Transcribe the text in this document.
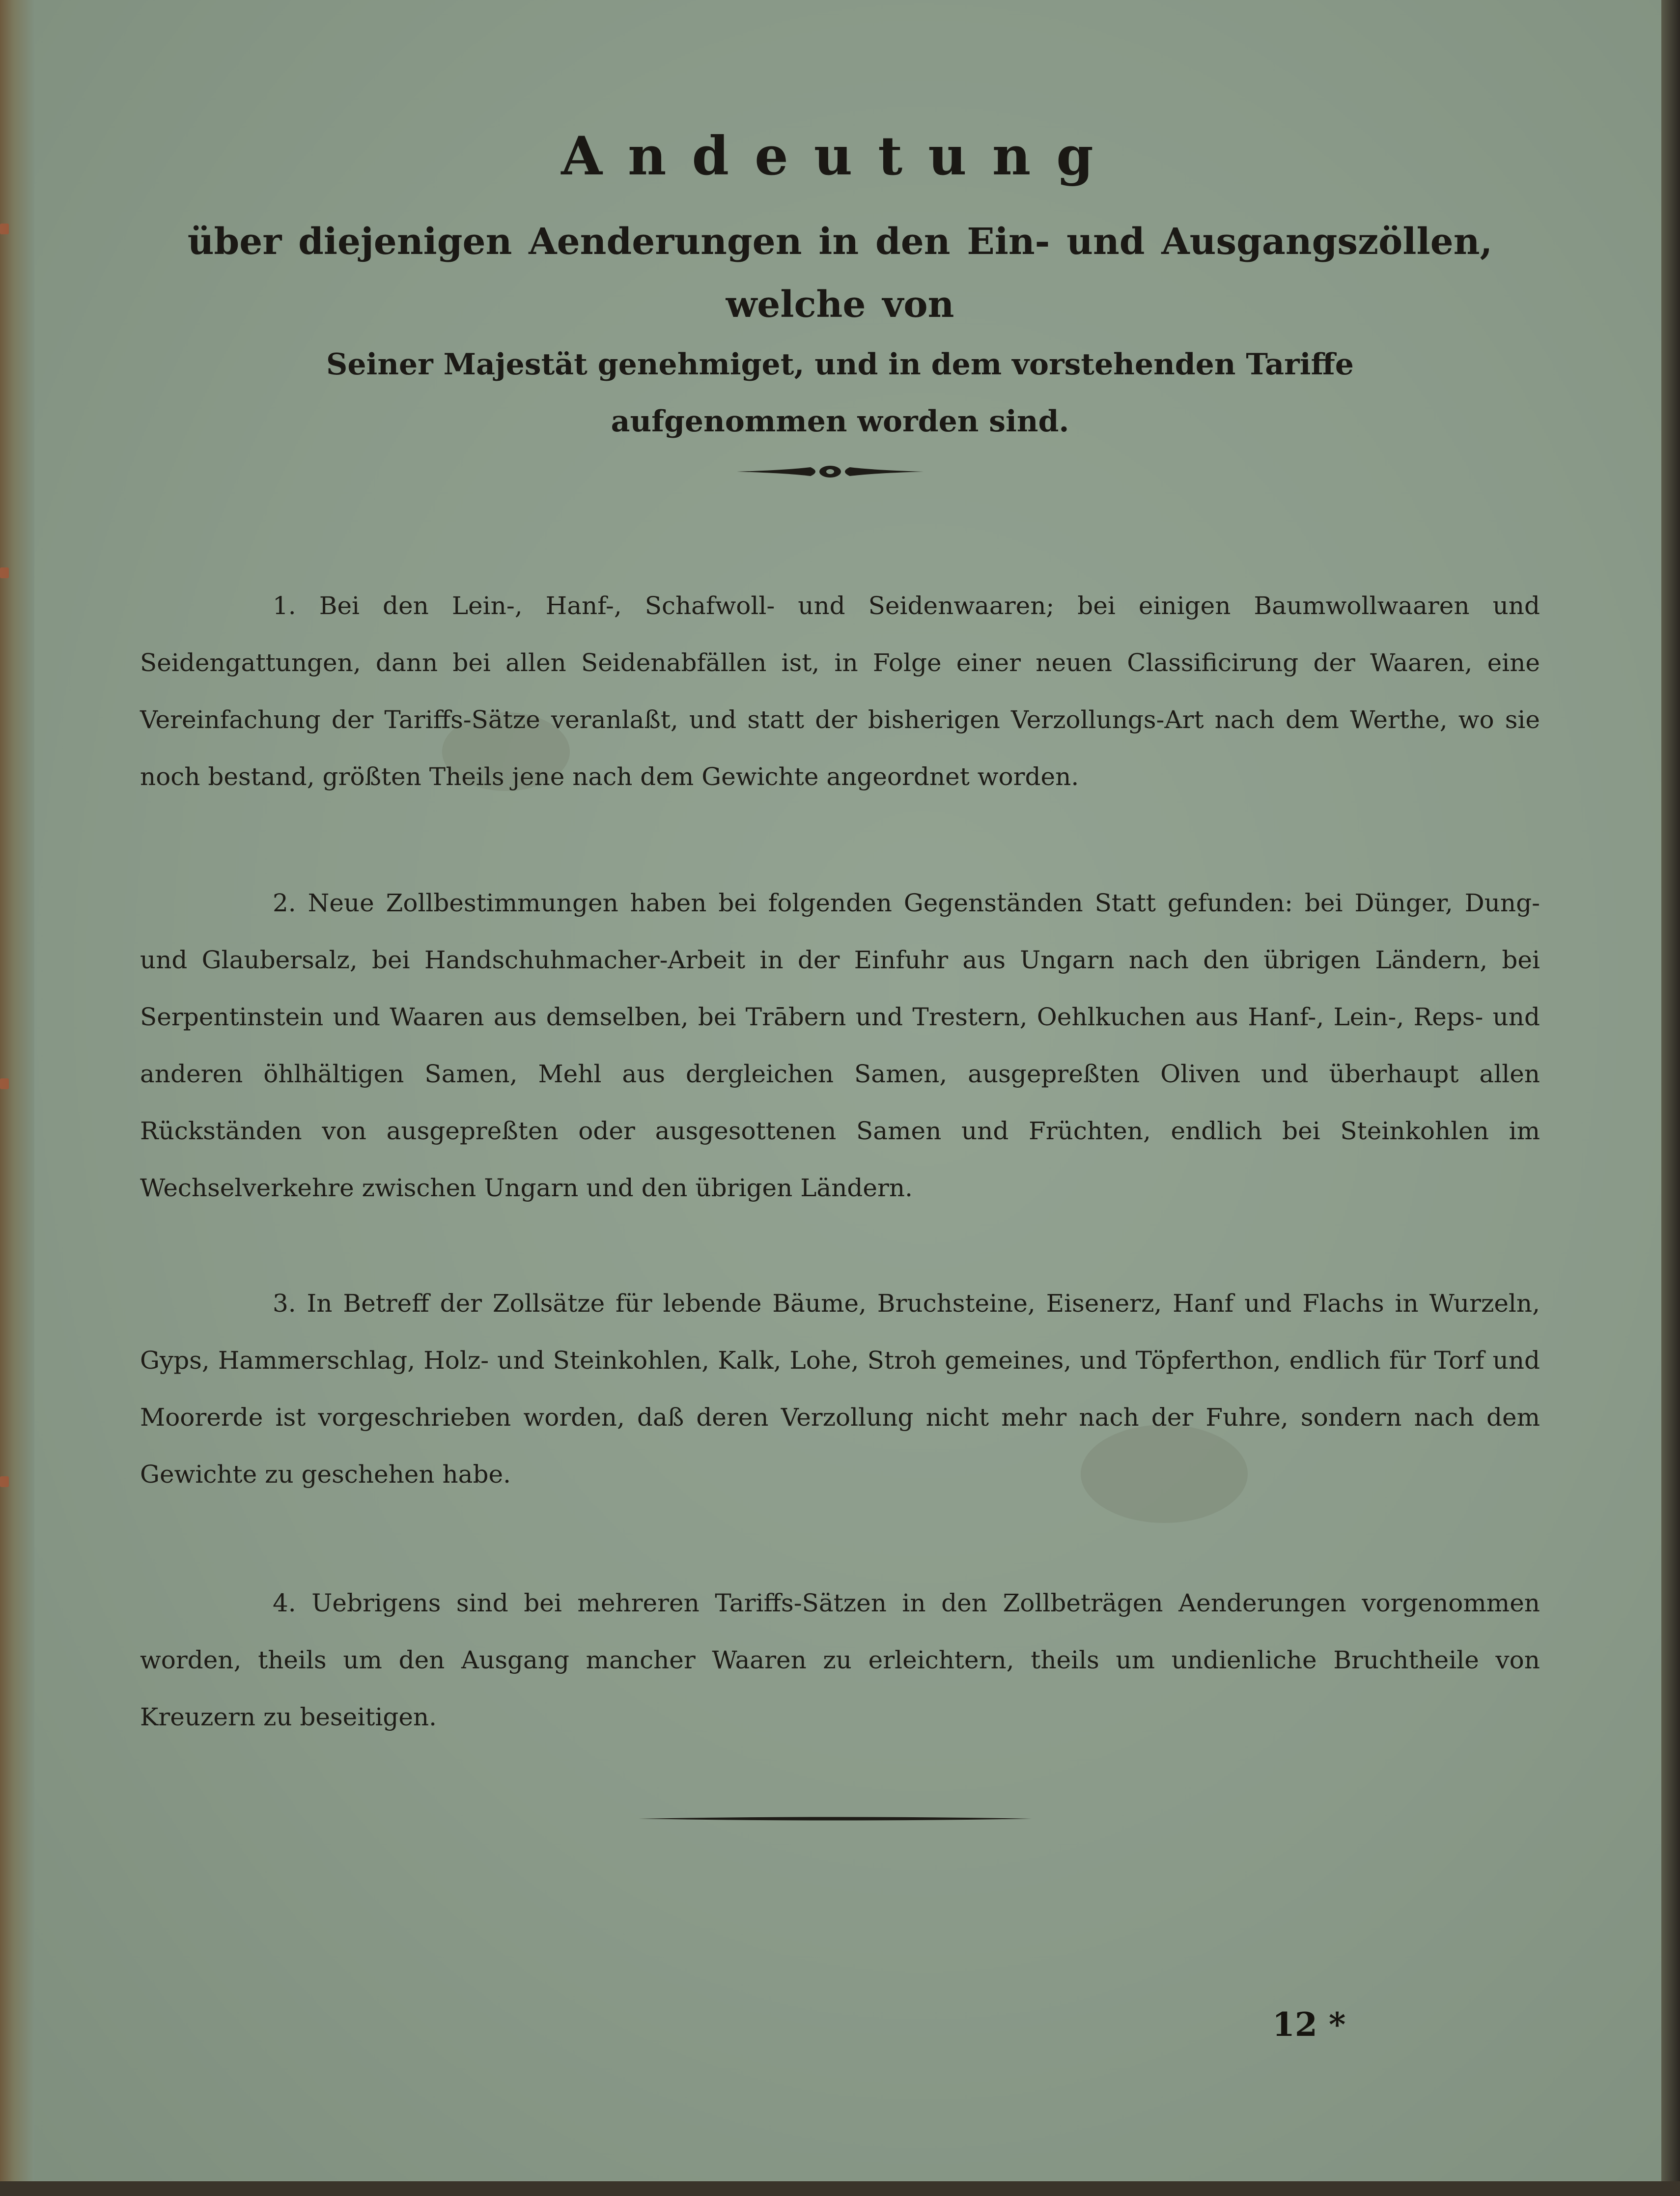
Andeutung
über diejenigen Aenderungen in den Ein- und Ausgangszöllen, welche von
Seiner Majestät genehmiget, und in dem vorstehenden Tariffe
aufgenommen worden sind.
1. Bei den Lein-, Hanf-, Schafwoll- und Seidenwaaren; bei einigen Baumwollwaaren und Seidengattungen, dann bei allen Seidenabfällen ist, in Folge einer neuen Classificirung der Waaren, eine Vereinfachung der Tariffs-Sätze veranlaßt, und statt der bisherigen Verzollungs-Art nach dem Werthe, wo sie noch bestand, größten Theils jene nach dem Gewichte angeordnet worden.
2. Neue Zollbestimmungen haben bei folgenden Gegenständen Statt gefunden: bei Dünger, Dung- und Glaubersalz, bei Handschuhmacher-Arbeit in der Einfuhr aus Ungarn nach den übrigen Ländern, bei Serpentinstein und Waaren aus demselben, bei Trābern und Trestern, Oehlkuchen aus Hanf-, Lein-, Reps- und anderen öhlhältigen Samen, Mehl aus dergleichen Samen, ausgepreßten Oliven und überhaupt allen Rückständen von ausgepreßten oder ausgesottenen Samen und Früchten, endlich bei Steinkohlen im Wechselverkehre zwischen Ungarn und den übrigen Ländern.
3. In Betreff der Zollsätze für lebende Bäume, Bruchsteine, Eisenerz, Hanf und Flachs in Wurzeln, Gyps, Hammerschlag, Holz- und Steinkohlen, Kalk, Lohe, Stroh gemeines, und Töpferthon, endlich für Torf und Moorerde ist vorgeschrieben worden, daß deren Verzollung nicht mehr nach der Fuhre, sondern nach dem Gewichte zu geschehen habe.
4. Uebrigens sind bei mehreren Tariffs-Sätzen in den Zollbeträgen Aenderungen vorgenommen worden, theils um den Ausgang mancher Waaren zu erleichtern, theils um undienliche Bruchtheile von Kreuzern zu beseitigen.
12 *
